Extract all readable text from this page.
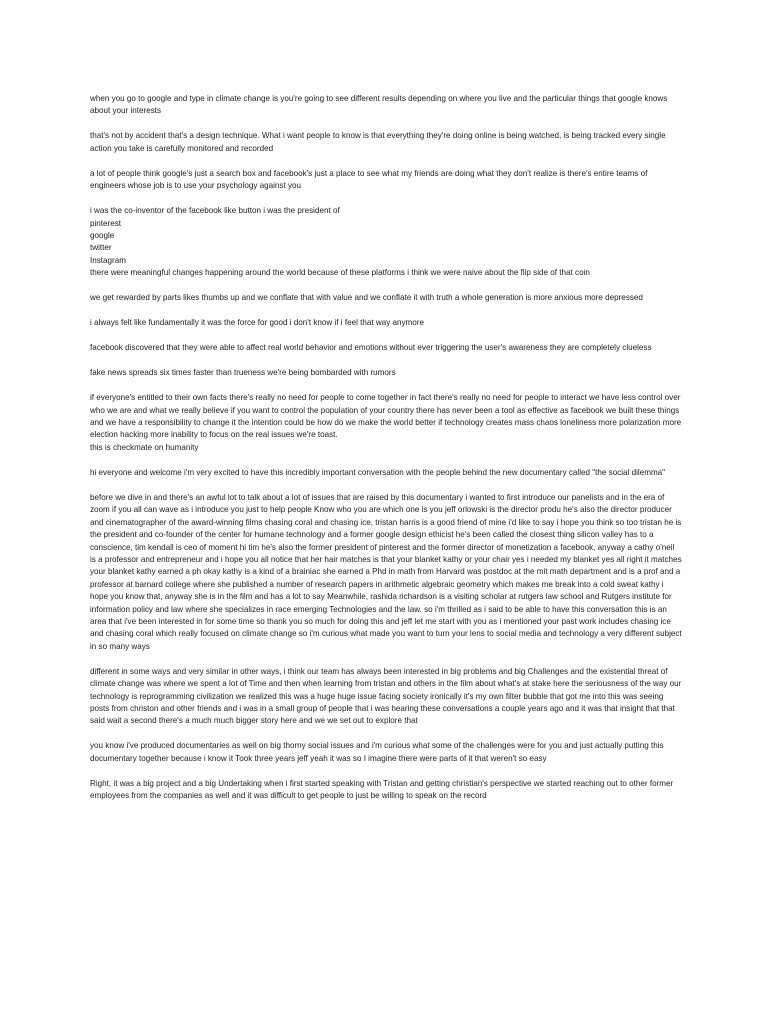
when you go to google and type in climate change is you're going to see different results depending on where you live and the particular things that google knows about your interests

that's not by accident that's a design technique. What i want people to know is that everything they're doing online is being watched, is being tracked every single action you take is carefully monitored and recorded

a lot of people think google's just a search box and facebook's just a place to see what my friends are doing what they don't realize is there's entire teams of engineers whose job is to use your psychology against you

i was the co-inventor of the facebook like button i was the president of
pinterest
google
twitter
Instagram
there were meaningful changes happening around the world because of these platforms i think we were naive about the flip side of that coin

we get rewarded by parts likes thumbs up and we conflate that with value and we conflate it with truth a whole generation is more anxious more depressed

i always felt like fundamentally it was the force for good i don't know if i feel that way anymore

facebook discovered that they were able to affect real world behavior and emotions without ever triggering the user's awareness they are completely clueless

fake news spreads six times faster than trueness we're being bombarded with rumors

if everyone's entitled to their own facts there's really no need for people to come together in fact there's really no need for people to interact we have less control over who we are and what we really believe if you want to control the population of your country there has never been a tool as effective as facebook we built these things and we have a responsibility to change it the intention could be how do we make the world better if technology creates mass chaos loneliness more polarization more election hacking more inability to focus on the real issues we're toast.
this is checkmate on humanity

hi everyone and welcome i'm very excited to have this incredibly important conversation with the people behind the new documentary called "the social dilemma"

before we dive in and there's an awful lot to talk about a lot of issues that are raised by this documentary i wanted to first introduce our panelists and in the era of zoom if you all can wave as i introduce you just to help people Know who you are which one is you jeff orlowski is the director produ he's also the director producer and cinematographer of the award-winning films chasing coral and chasing ice, tristan harris is a good friend of mine i'd like to say i hope you think so too tristan he is the president and co-founder of the center for humane technology and a former google design ethicist he's been called the closest thing silicon valley has to a conscience, tim kendall is ceo of moment hi tim he's also the former president of pinterest and the former director of monetization a facebook, anyway a cathy o'neil is a professor and entrepreneur and i hope you all notice that her hair matches is that your blanket kathy or your chair yes i needed my blanket yes all right it matches your blanket kathy earned a ph okay kathy is a kind of a brainiac she earned a Phd in math from Harvard was postdoc at the mit math department and is a prof and a professor at barnard college where she published a number of research papers in arithmetic algebraic geometry which makes me break into a cold sweat kathy i hope you know that, anyway she is in the film and has a lot to say Meanwhile, rashida richardson is a visiting scholar at rutgers law school and Rutgers institute for information policy and law where she specializes in race emerging Technologies and the law. so i'm thrilled as i said to be able to have this conversation this is an area that i've been interested in for some time so thank you so much for doing this and jeff let me start with you as i mentioned your past work includes chasing ice and chasing coral which really focused on climate change so i'm curious what made you want to turn your lens to social media and technology a very different subject in so many ways

different in some ways and very similar in other ways, i think our team has always been interested in big problems and big Challenges and the existential threat of climate change was where we spent a lot of Time and then when learning from tristan and others in the film about what's at stake here the seriousness of the way our technology is reprogramming civilization we realized this was a huge huge issue facing society ironically it's my own filter bubble that got me into this was seeing posts from christon and other friends and i was in a small group of people that i was hearing these conversations a couple years ago and it was that insight that that said wait a second there's a much much bigger story here and we we set out to explore that

you know i've produced documentaries as well on big thorny social issues and i'm curious what some of the challenges were for you and just actually putting this documentary together because i know it Took three years jeff yeah it was so I imagine there were parts of it that weren't so easy

Right, it was a big project and a big Undertaking when i first started speaking with Tristan and getting christian's perspective we started reaching out to other former employees from the companies as well and it was difficult to get people to just be willing to speak on the record
